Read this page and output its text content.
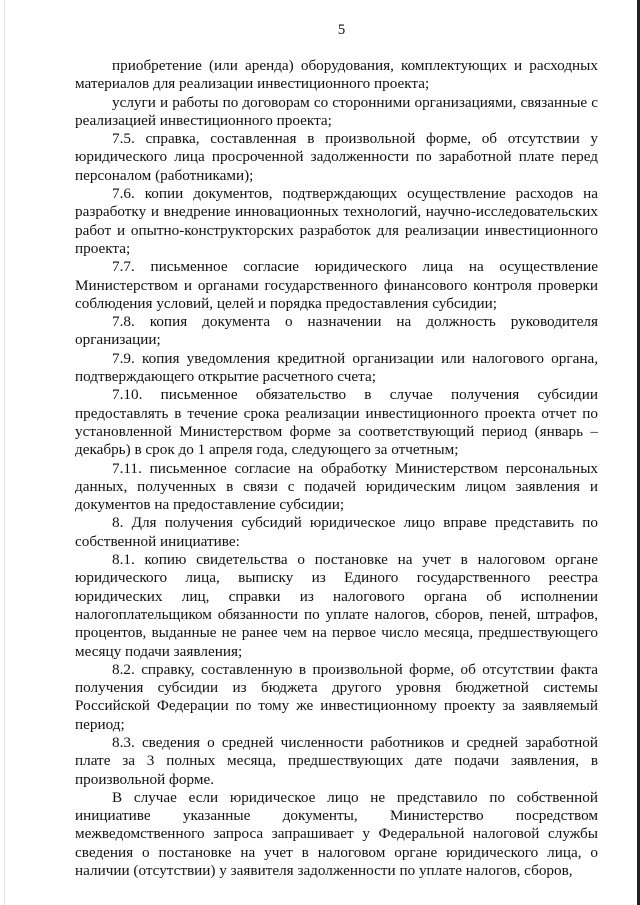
5

приобретение (или аренда) оборудования, комплектующих и расходных материалов для реализации инвестиционного проекта;

услуги и работы по договорам со сторонними организациями, связанные с реализацией инвестиционного проекта;

7.5. справка, составленная в произвольной форме, об отсутствии у юридического лица просроченной задолженности по заработной плате перед персоналом (работниками);

7.6. копии документов, подтверждающих осуществление расходов на разработку и внедрение инновационных технологий, научно-исследовательских работ и опытно-конструкторских разработок для реализации инвестиционного проекта;

7.7. письменное согласие юридического лица на осуществление Министерством и органами государственного финансового контроля проверки соблюдения условий, целей и порядка предоставления субсидии;

7.8. копия документа о назначении на должность руководителя организации;

7.9. копия уведомления кредитной организации или налогового органа, подтверждающего открытие расчетного счета;

7.10. письменное обязательство в случае получения субсидии предоставлять в течение срока реализации инвестиционного проекта отчет по установленной Министерством форме за соответствующий период (январь – декабрь) в срок до 1 апреля года, следующего за отчетным;

7.11. письменное согласие на обработку Министерством персональных данных, полученных в связи с подачей юридическим лицом заявления и документов на предоставление субсидии;

8. Для получения субсидий юридическое лицо вправе представить по собственной инициативе:

8.1. копию свидетельства о постановке на учет в налоговом органе юридического лица, выписку из Единого государственного реестра юридических лиц, справки из налогового органа об исполнении налогоплательщиком обязанности по уплате налогов, сборов, пеней, штрафов, процентов, выданные не ранее чем на первое число месяца, предшествующего месяцу подачи заявления;

8.2. справку, составленную в произвольной форме, об отсутствии факта получения субсидии из бюджета другого уровня бюджетной системы Российской Федерации по тому же инвестиционному проекту за заявляемый период;

8.3. сведения о средней численности работников и средней заработной плате за 3 полных месяца, предшествующих дате подачи заявления, в произвольной форме.

В случае если юридическое лицо не представило по собственной инициативе указанные документы, Министерство посредством межведомственного запроса запрашивает у Федеральной налоговой службы сведения о постановке на учет в налоговом органе юридического лица, о наличии (отсутствии) у заявителя задолженности по уплате налогов, сборов,
